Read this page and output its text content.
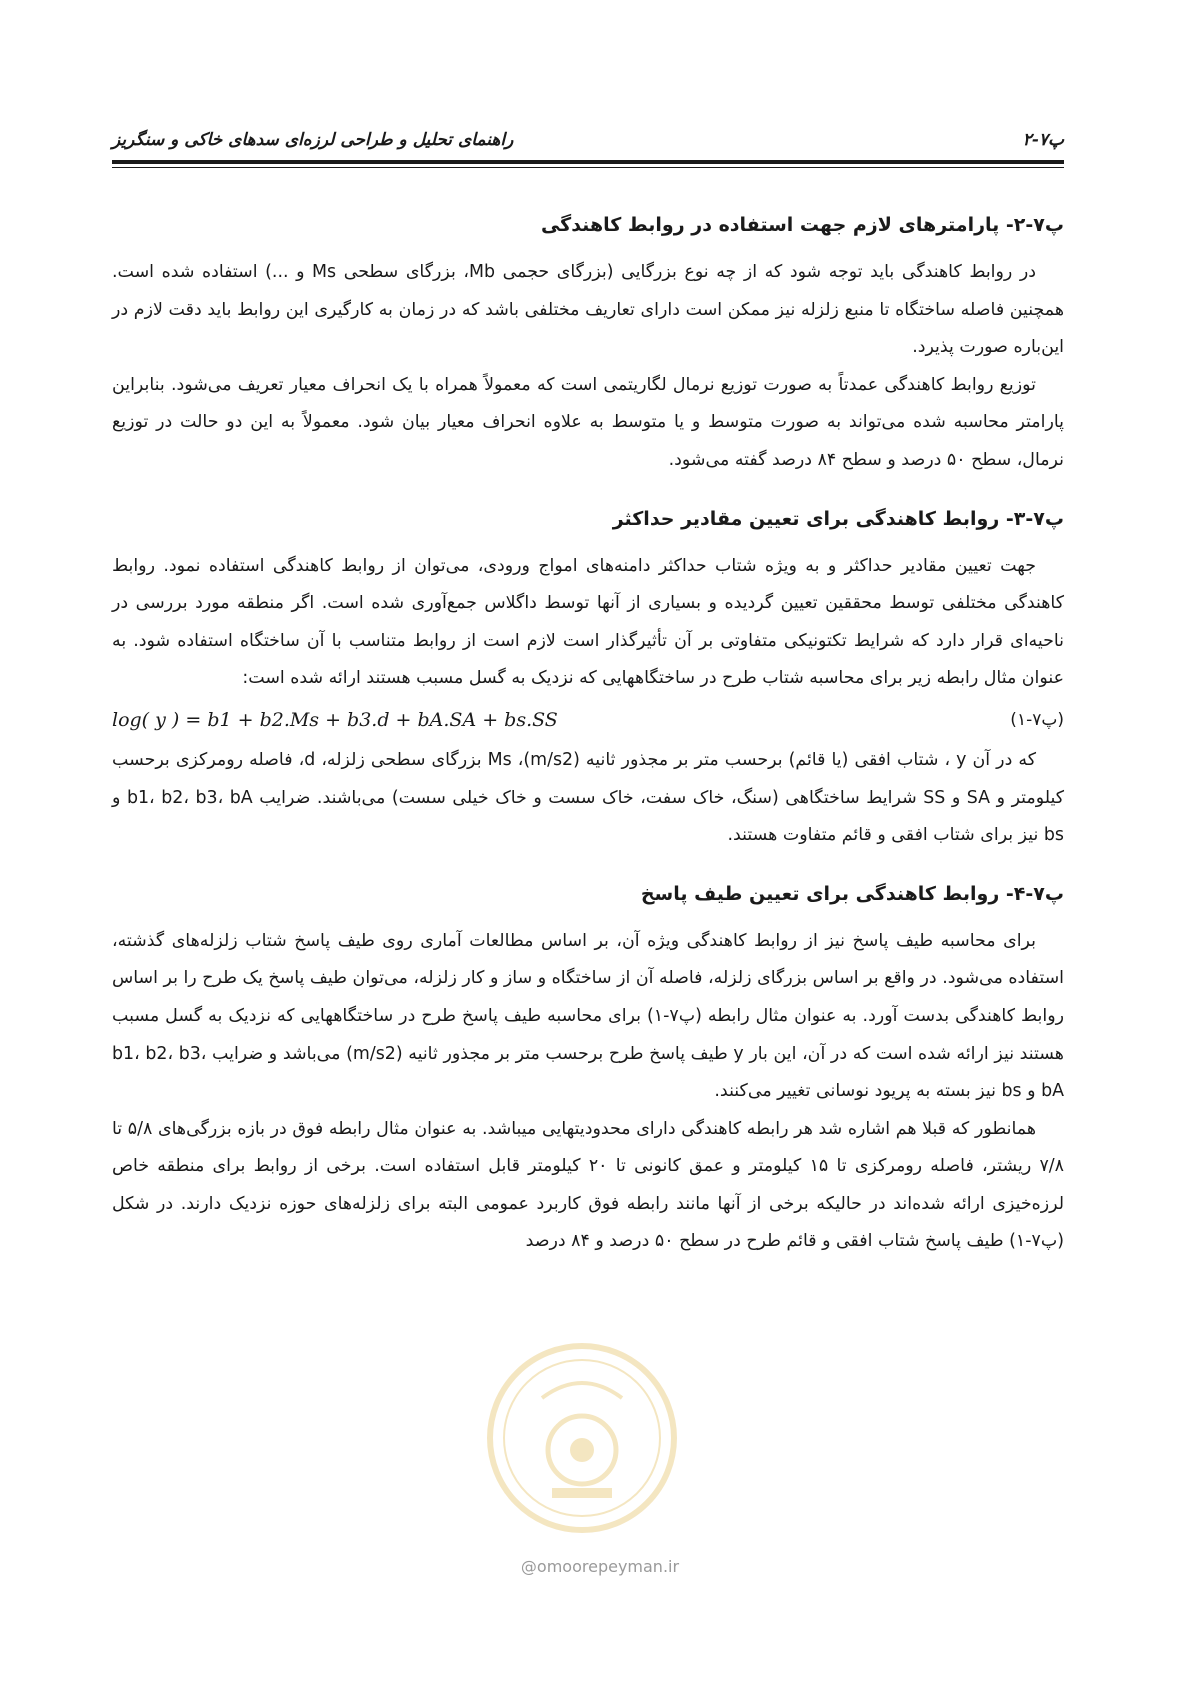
پ۷-۲
راهنمای تحلیل و طراحی لرزه‌ای سدهای خاکی و سنگریز
پ۷-۲- پارامترهای لازم جهت استفاده در روابط کاهندگی

در روابط کاهندگی باید توجه شود که از چه نوع بزرگایی (بزرگای حجمی Mb، بزرگای سطحی Ms و ...) استفاده شده است. همچنین فاصله ساختگاه تا منبع زلزله نیز ممکن است دارای تعاریف مختلفی باشد که در زمان به کارگیری این روابط باید دقت لازم در این‌باره صورت پذیرد.

توزیع روابط کاهندگی عمدتاً به صورت توزیع نرمال لگاریتمی است که معمولاً همراه با یک انحراف معیار تعریف می‌شود. بنابراین پارامتر محاسبه شده می‌تواند به صورت متوسط و یا متوسط به علاوه انحراف معیار بیان شود. معمولاً به این دو حالت در توزیع نرمال، سطح ۵۰ درصد و سطح ۸۴ درصد گفته می‌شود.

پ۷-۳- روابط کاهندگی برای تعیین مقادیر حداکثر

جهت تعیین مقادیر حداکثر و به ویژه شتاب حداکثر دامنه‌های امواج ورودی، می‌توان از روابط کاهندگی استفاده نمود. روابط کاهندگی مختلفی توسط محققین تعیین گردیده و بسیاری از آنها توسط داگلاس جمع‌آوری شده است. اگر منطقه مورد بررسی در ناحیه‌ای قرار دارد که شرایط تکتونیکی متفاوتی بر آن تأثیرگذار است لازم است از روابط متناسب با آن ساختگاه استفاده شود. به عنوان مثال رابطه زیر برای محاسبه شتاب طرح در ساختگاههایی که نزدیک به گسل مسبب هستند ارائه شده است:

(پ۷-۱)
log( y ) = b1 + b2.Ms + b3.d + bA.SA + bs.SS

که در آن y ، شتاب افقی (یا قائم) برحسب متر بر مجذور ثانیه (m/s2)، Ms بزرگای سطحی زلزله، d، فاصله رومرکزی برحسب کیلومتر و SA و SS شرایط ساختگاهی (سنگ، خاک سفت، خاک سست و خاک خیلی سست) می‌باشند. ضرایب b1، b2، b3، bA و bs نیز برای شتاب افقی و قائم متفاوت هستند.

پ۷-۴- روابط کاهندگی برای تعیین طیف پاسخ

برای محاسبه طیف پاسخ نیز از روابط کاهندگی ویژه آن، بر اساس مطالعات آماری روی طیف پاسخ شتاب زلزله‌های گذشته، استفاده می‌شود. در واقع بر اساس بزرگای زلزله، فاصله آن از ساختگاه و ساز و کار زلزله، می‌توان طیف پاسخ یک طرح را بر اساس روابط کاهندگی بدست آورد. به عنوان مثال رابطه (پ۷-۱) برای محاسبه طیف پاسخ طرح در ساختگاههایی که نزدیک به گسل مسبب هستند نیز ارائه شده است که در آن، این بار y طیف پاسخ طرح برحسب متر بر مجذور ثانیه (m/s2) می‌باشد و ضرایب b1، b2، b3، bA و bs نیز بسته به پریود نوسانی تغییر می‌کنند.

همانطور که قبلا هم اشاره شد هر رابطه کاهندگی دارای محدودیتهایی میباشد. به عنوان مثال رابطه فوق در بازه بزرگی‌های ۵/۸ تا ۷/۸ ریشتر، فاصله رومرکزی تا ۱۵ کیلومتر و عمق کانونی تا ۲۰ کیلومتر قابل استفاده است. برخی از روابط برای منطقه خاص لرزه‌خیزی ارائه شده‌اند در حالیکه برخی از آنها مانند رابطه فوق کاربرد عمومی البته برای زلزله‌های حوزه نزدیک دارند. در شکل (پ۷-۱) طیف پاسخ شتاب افقی و قائم طرح در سطح ۵۰ درصد و ۸۴ درصد

@omoorepeyman.ir
